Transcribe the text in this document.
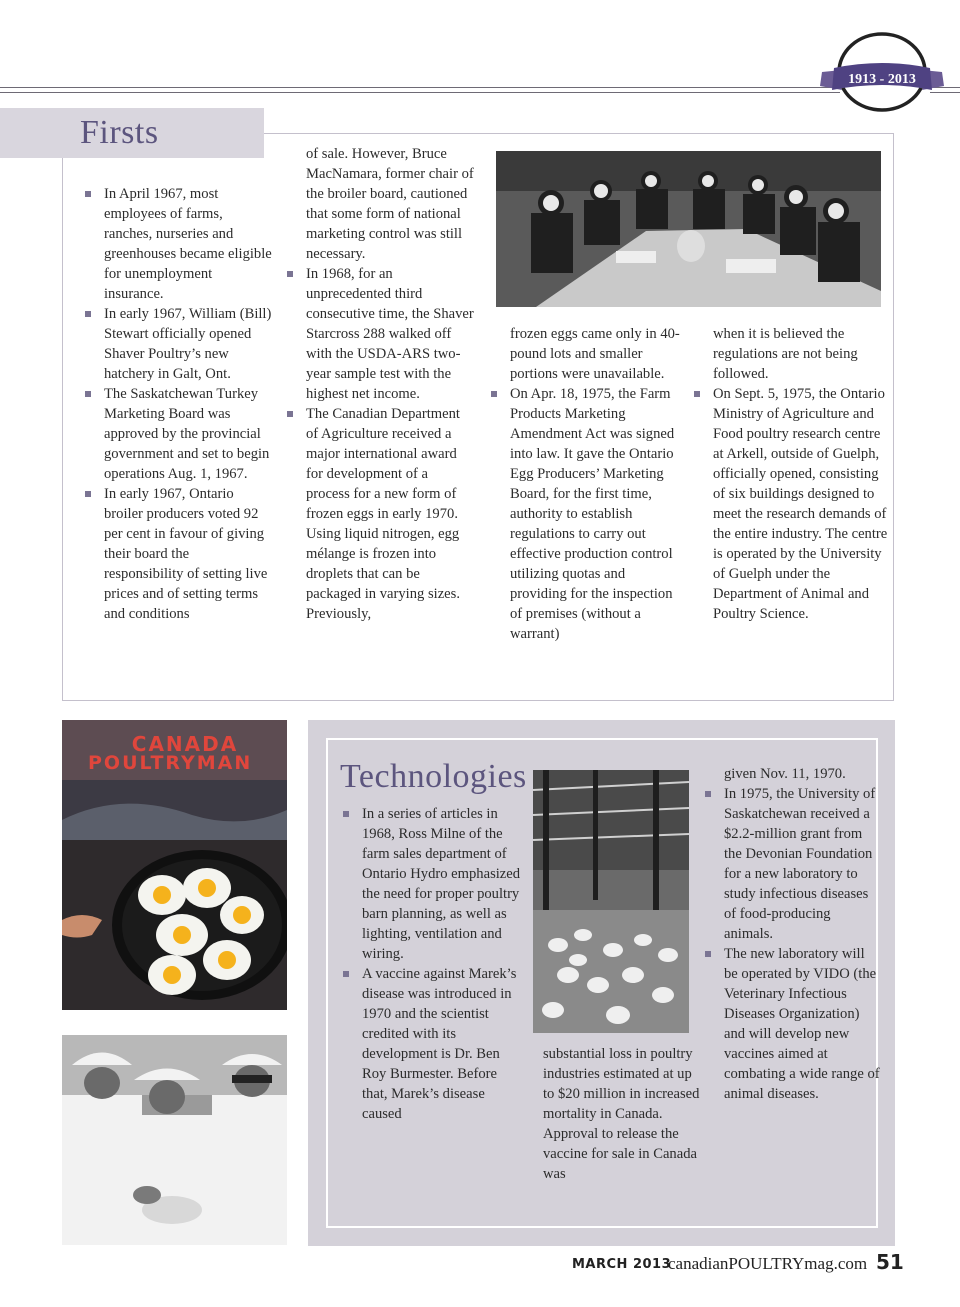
1913 - 2013
Firsts
In April 1967, most employees of farms, ranches, nurseries and greenhouses became eligible for unemployment insurance.
In early 1967, William (Bill) Stewart officially opened Shaver Poultry’s new hatchery in Galt, Ont.
The Saskatchewan Turkey Marketing Board was approved by the provincial government and set to begin operations Aug. 1, 1967.
In early 1967, Ontario broiler producers voted 92 per cent in favour of giving their board the responsibility of setting live prices and of setting terms and conditions
of sale. However, Bruce MacNamara, former chair of the broiler board, cautioned that some form of national marketing control was still necessary.
In 1968, for an unprecedented third consecutive time, the Shaver Starcross 288 walked off with the USDA-ARS two-year sample test with the highest net income.
The Canadian Department of Agriculture received a major international award for development of a process for a new form of frozen eggs in early 1970. Using liquid nitrogen, egg mélange is frozen into droplets that can be packaged in varying sizes. Previously,
frozen eggs came only in 40-pound lots and smaller portions were unavailable.
On Apr. 18, 1975, the Farm Products Marketing Amendment Act was signed into law. It gave the Ontario Egg Producers’ Marketing Board, for the first time, authority to establish regulations to carry out effective production control utilizing quotas and providing for the inspection of premises (without a warrant)
when it is believed the regulations are not being followed.
On Sept. 5, 1975, the Ontario Ministry of Agriculture and Food poultry research centre at Arkell, outside of Guelph, officially opened, consisting of six buildings designed to meet the research demands of the entire industry. The centre is operated by the University of Guelph under the Department of Animal and Poultry Science.
CANADA
POULTRYMAN	Technologies
In a series of articles in 1968, Ross Milne of the farm sales department of Ontario Hydro emphasized the need for proper poultry barn planning, as well as lighting, ventilation and wiring.
A vaccine against Marek’s disease was introduced in 1970 and the scientist credited with its development is Dr. Ben Roy Burmester. Before that, Marek’s disease caused
substantial loss in poultry industries estimated at up to $20 million in increased mortality in Canada. Approval to release the vaccine for sale in Canada was
given Nov. 11, 1970.
In 1975, the University of Saskatchewan received a $2.2-million grant from the Devonian Foundation for a new laboratory to study infectious diseases of food-producing animals.
The new laboratory will be operated by VIDO (the Veterinary Infectious Diseases Organization) and will develop new vaccines aimed at combating a wide range of animal diseases.
MARCH 2013
canadianPOULTRYmag.com 51
